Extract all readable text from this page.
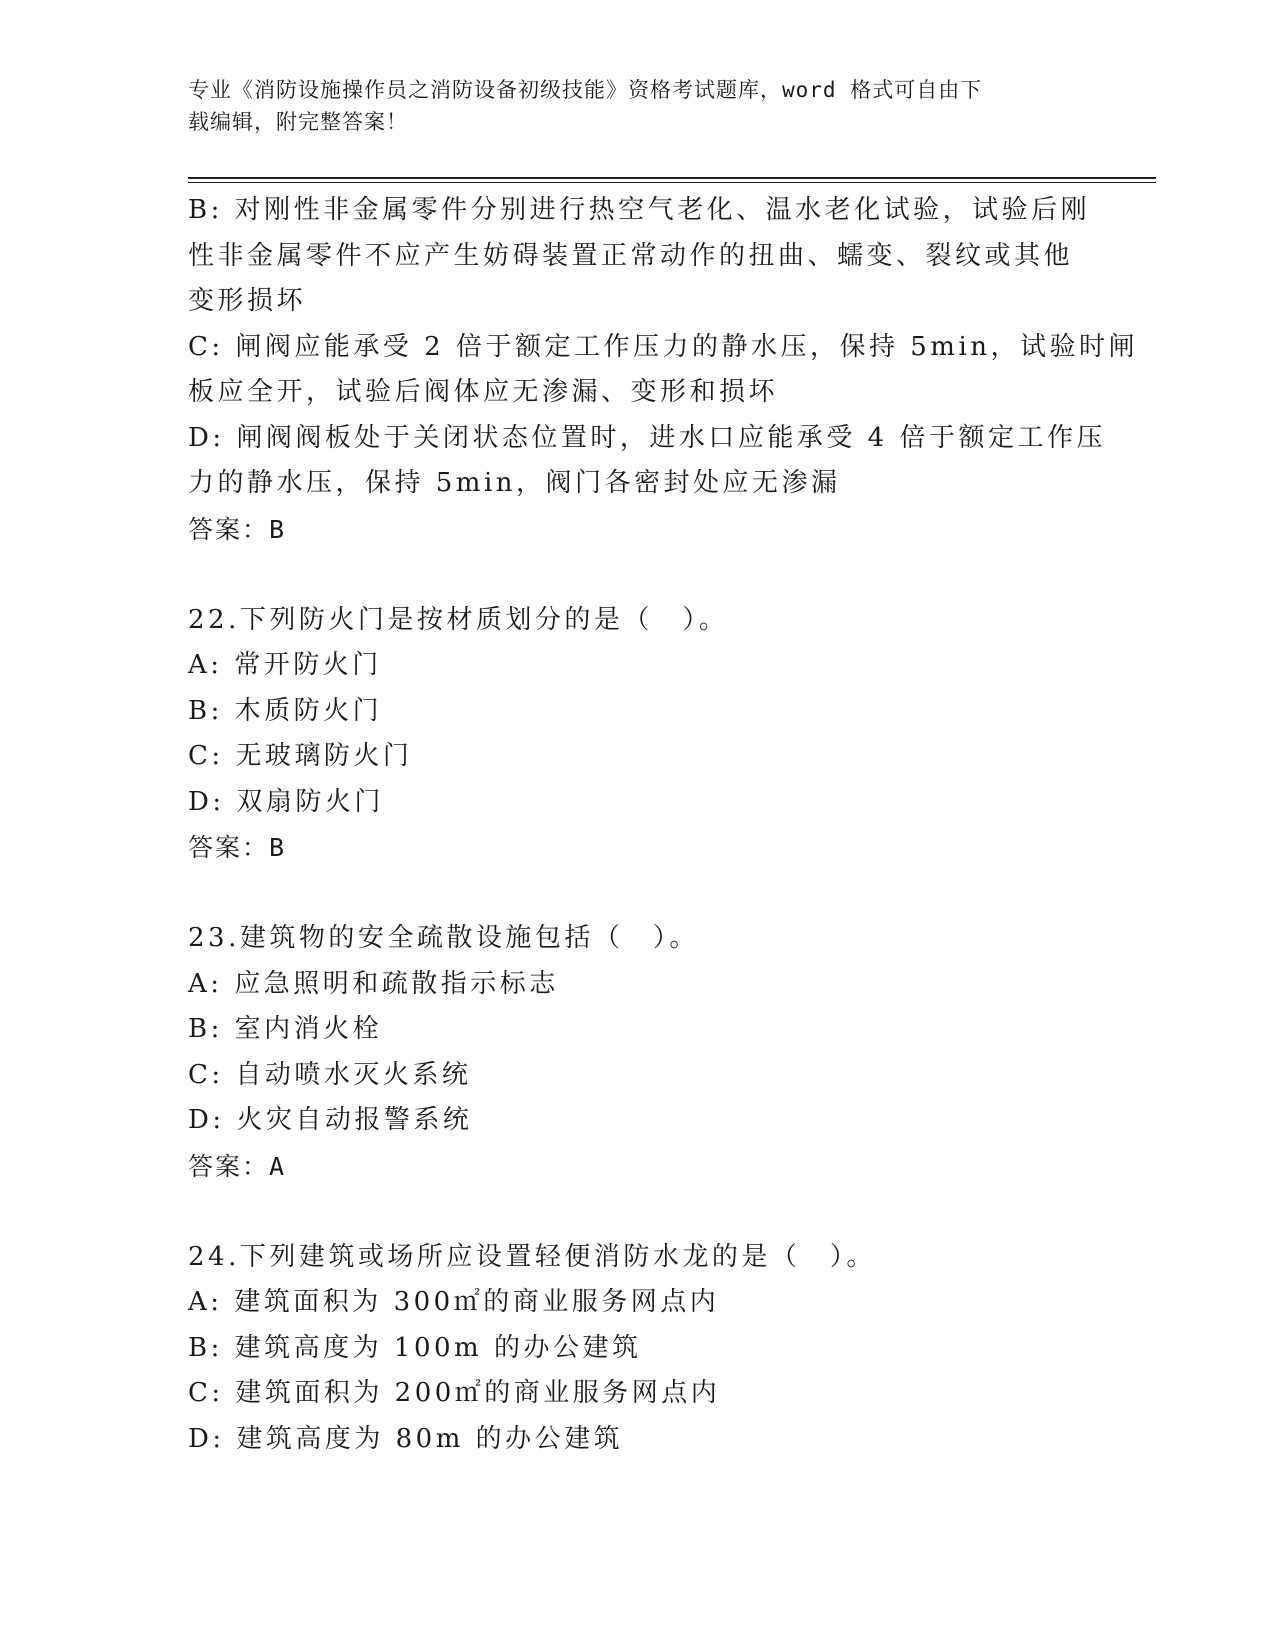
专业《消防设施操作员之消防设备初级技能》资格考试题库，word 格式可自由下
载编辑，附完整答案！
B: 对刚性非金属零件分别进行热空气老化、温水老化试验，试验后刚
性非金属零件不应产生妨碍装置正常动作的扭曲、蠕变、裂纹或其他
变形损坏
C: 闸阀应能承受 2 倍于额定工作压力的静水压，保持 5min，试验时闸
板应全开，试验后阀体应无渗漏、变形和损坏
D: 闸阀阀板处于关闭状态位置时，进水口应能承受 4 倍于额定工作压
力的静水压，保持 5min，阀门各密封处应无渗漏
答案：B
22.下列防火门是按材质划分的是（　）。
A: 常开防火门
B: 木质防火门
C: 无玻璃防火门
D: 双扇防火门
答案：B
23.建筑物的安全疏散设施包括（　）。
A: 应急照明和疏散指示标志
B: 室内消火栓
C: 自动喷水灭火系统
D: 火灾自动报警系统
答案：A
24.下列建筑或场所应设置轻便消防水龙的是（　）。
A: 建筑面积为 300㎡的商业服务网点内
B: 建筑高度为 100m 的办公建筑
C: 建筑面积为 200㎡的商业服务网点内
D: 建筑高度为 80m 的办公建筑
